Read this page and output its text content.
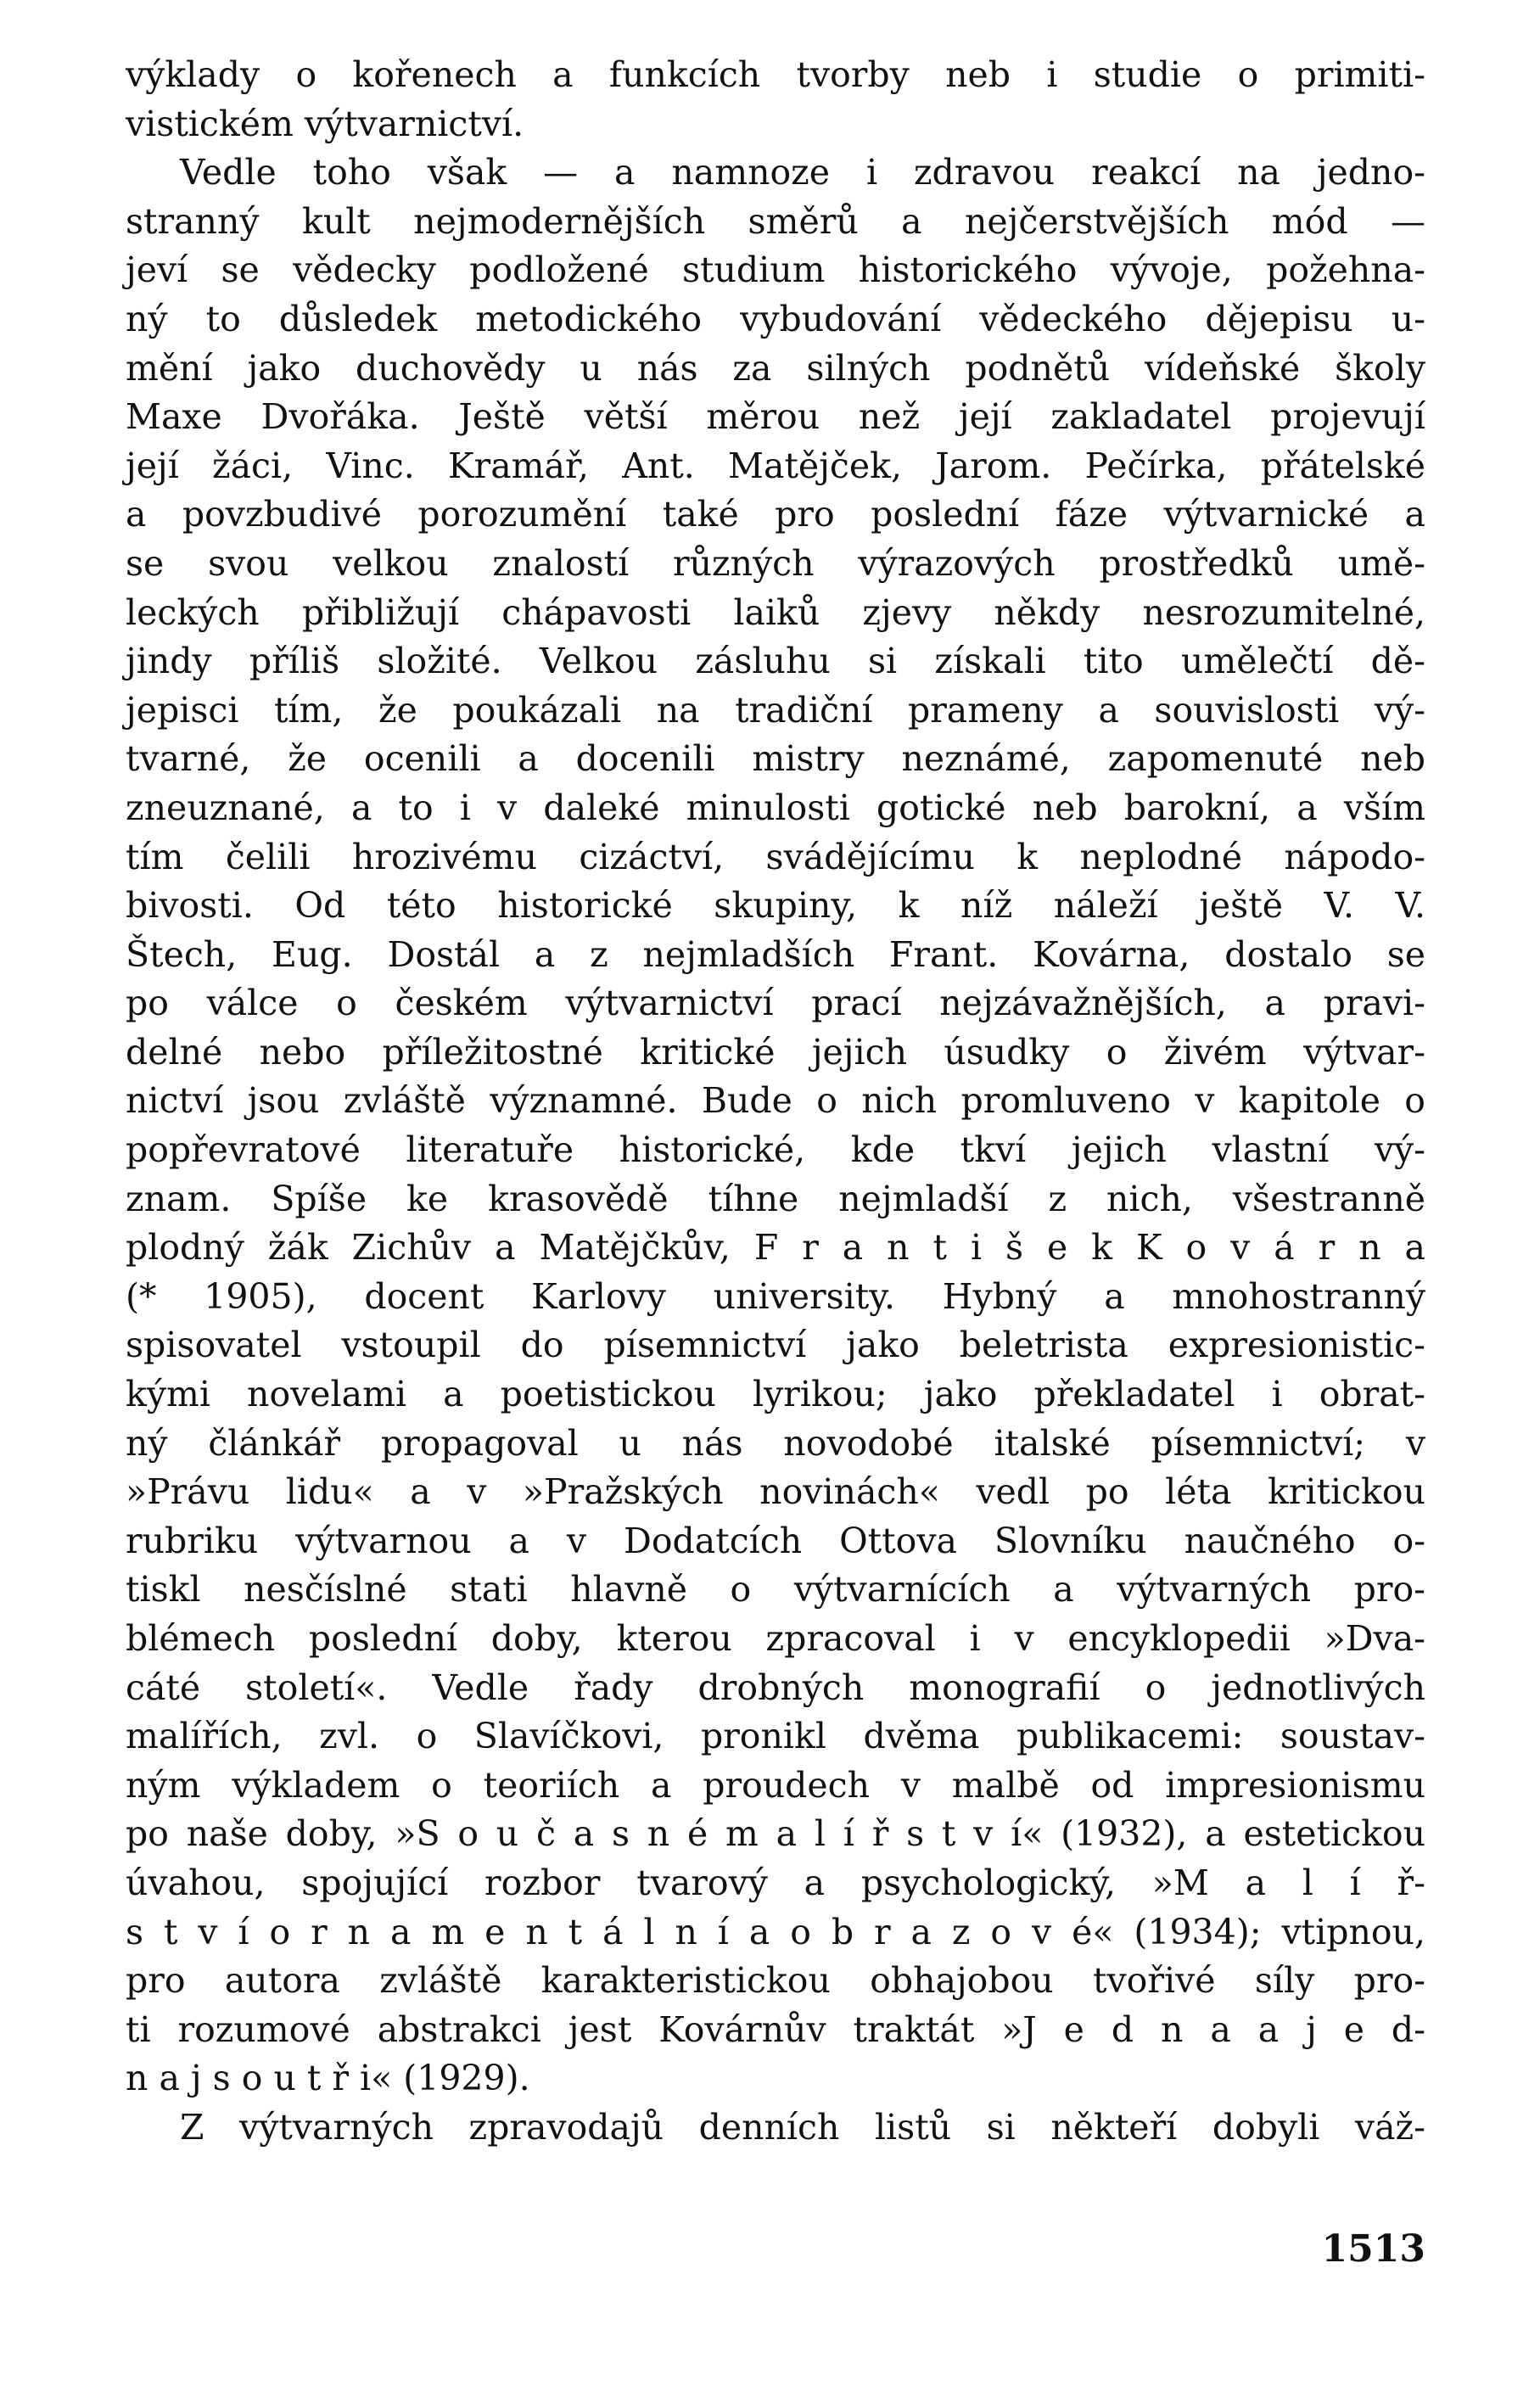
výklady o kořenech a funkcích tvorby neb i studie o primiti-
vistickém výtvarnictví.
Vedle toho však — a namnoze i zdravou reakcí na jedno-
stranný kult nejmodernějších směrů a nejčerstvějších mód —
jeví se vědecky podložené studium historického vývoje, požehna-
ný to důsledek metodického vybudování vědeckého dějepisu u-
mění jako duchovědy u nás za silných podnětů vídeňské školy
Maxe Dvořáka. Ještě větší měrou než její zakladatel projevují
její žáci, Vinc. Kramář, Ant. Matějček, Jarom. Pečírka, přátelské
a povzbudivé porozumění také pro poslední fáze výtvarnické a
se svou velkou znalostí různých výrazových prostředků umě-
leckých přibližují chápavosti laiků zjevy někdy nesrozumitelné,
jindy příliš složité. Velkou zásluhu si získali tito umělečtí dě-
jepisci tím, že poukázali na tradiční prameny a souvislosti vý-
tvarné, že ocenili a docenili mistry neznámé, zapomenuté neb
zneuznané, a to i v daleké minulosti gotické neb barokní, a vším
tím čelili hrozivému cizáctví, svádějícímu k neplodné nápodo-
bivosti. Od této historické skupiny, k níž náleží ještě V. V.
Štech, Eug. Dostál a z nejmladších Frant. Kovárna, dostalo se
po válce o českém výtvarnictví prací nejzávažnějších, a pravi-
delné nebo příležitostné kritické jejich úsudky o živém výtvar-
nictví jsou zvláště významné. Bude o nich promluveno v kapitole o
popřevratové literatuře historické, kde tkví jejich vlastní vý-
znam. Spíše ke krasovědě tíhne nejmladší z nich, všestranně
plodný žák Zichův a Matějčkův, F r a n t i š e k K o v á r n a
(* 1905), docent Karlovy university. Hybný a mnohostranný
spisovatel vstoupil do písemnictví jako beletrista expresionistic-
kými novelami a poetistickou lyrikou; jako překladatel i obrat-
ný článkář propagoval u nás novodobé italské písemnictví; v
»Právu lidu« a v »Pražských novinách« vedl po léta kritickou
rubriku výtvarnou a v Dodatcích Ottova Slovníku naučného o-
tiskl nesčíslné stati hlavně o výtvarnících a výtvarných pro-
blémech poslední doby, kterou zpracoval i v encyklopedii »Dva-
cáté století«. Vedle řady drobných monografií o jednotlivých
malířích, zvl. o Slavíčkovi, pronikl dvěma publikacemi: soustav-
ným výkladem o teoriích a proudech v malbě od impresionismu
po naše doby, »S o u č a s n é m a l í ř s t v í« (1932), a estetickou
úvahou, spojující rozbor tvarový a psychologický, »M a l í ř-
s t v í o r n a m e n t á l n í a o b r a z o v é« (1934); vtipnou,
pro autora zvláště karakteristickou obhajobou tvořivé síly pro-
ti rozumové abstrakci jest Kovárnův traktát »J e d n a a j e d-
n a j s o u t ř i« (1929).
Z výtvarných zpravodajů denních listů si někteří dobyli váž-
1513
